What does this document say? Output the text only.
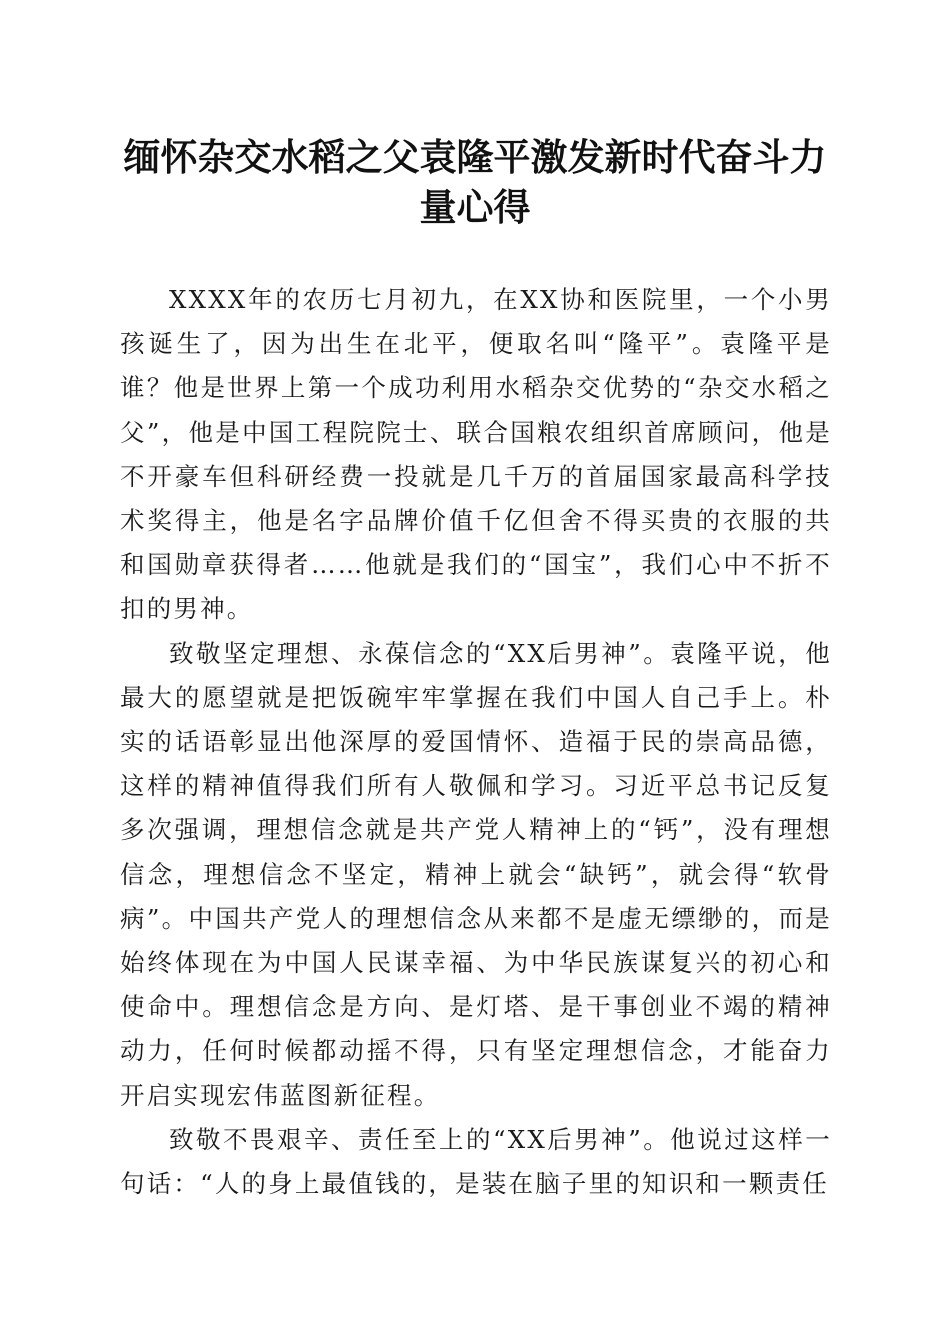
缅怀杂交水稻之父袁隆平激发新时代奋斗力量心得

XXXX年的农历七月初九，在XX协和医院里，一个小男孩诞生了，因为出生在北平，便取名叫“隆平”。袁隆平是谁？他是世界上第一个成功利用水稻杂交优势的“杂交水稻之父”，他是中国工程院院士、联合国粮农组织首席顾问，他是不开豪车但科研经费一投就是几千万的首届国家最高科学技术奖得主，他是名字品牌价值千亿但舍不得买贵的衣服的共和国勋章获得者……他就是我们的“国宝”，我们心中不折不扣的男神。

致敬坚定理想、永葆信念的“XX后男神”。袁隆平说，他最大的愿望就是把饭碗牢牢掌握在我们中国人自己手上。朴实的话语彰显出他深厚的爱国情怀、造福于民的崇高品德，这样的精神值得我们所有人敬佩和学习。习近平总书记反复多次强调，理想信念就是共产党人精神上的“钙”，没有理想信念，理想信念不坚定，精神上就会“缺钙”，就会得“软骨病”。中国共产党人的理想信念从来都不是虚无缥缈的，而是始终体现在为中国人民谋幸福、为中华民族谋复兴的初心和使命中。理想信念是方向、是灯塔、是干事创业不竭的精神动力，任何时候都动摇不得，只有坚定理想信念，才能奋力开启实现宏伟蓝图新征程。

致敬不畏艰辛、责任至上的“XX后男神”。他说过这样一句话：“人的身上最值钱的，是装在脑子里的知识和一颗责任
